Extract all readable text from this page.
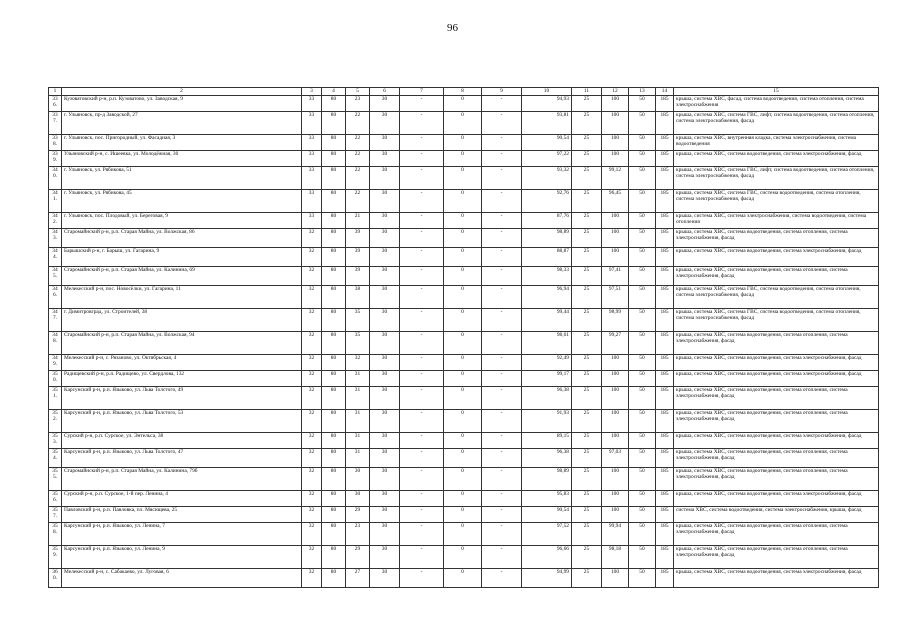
96
1	2	3	4	5	6	7	8	9	10	11	12	13	14	15
336.	Кузоватовский р-н, р.п. Кузоватово, ул. Заводская, 9	33	80	23	30	-	0	-	94,93	25	100	50	185	крыша, система ХВС, фасад, система водоотведения, система отопления, система электроснабжения
337.	г. Ульяновск, пр-д Заводской, 27	33	80	22	30	-	0	-	93,81	25	100	50	185	крыша, система ХВС, система ГВС, лифт, система водоотведения, система отопления, система электроснабжения, фасад
338.	г. Ульяновск, пос. Пригородный, ул. Фасадная, 3	33	80	22	30	-	0	-	90,54	25	100	50	185	крыша, система ХВС, внутренняя кладка, система электроснабжения, система водоотведения
339.	Ульяновский р-н, с. Ишеевка, ул. Молодёжная, 30	33	80	22	30	-	0	-	97,22	25	100	50	185	крыша, система ХВС, система водоотведения, система электроснабжения, фасад
340.	г. Ульяновск, ул. Рябикова, 51	33	80	22	30	-	0	-	93,32	25	99,12	50	185	крыша, система ХВС, система ГВС, лифт, система водоотведения, система отопления, система электроснабжения, фасад
341.	г. Ульяновск, ул. Рябикова, 45	33	80	22	30	-	0	-	92,76	25	96,45	50	185	крыша, система ХВС, система ГВС, система водоотведения, система отопления, система электроснабжения, фасад
342.	г. Ульяновск, пос. Плодовый, ул. Береговая, 9	33	80	21	30	-	0	-	87,76	25	100	50	185	крыша, система ХВС, система электроснабжения, система водоотведения, система отопления
343.	Старомайнский р-н, р.п. Старая Майна, ул. Волжская, 86	32	80	39	30	-	0	-	98,89	25	100	50	185	крыша, система ХВС, система водоотведения, система отопления, система электроснабжения, фасад
344.	Барышский р-н, г. Барыш, ул. Гагарина, 9	32	80	39	30	-	0	-	88,87	25	100	50	185	крыша, система ХВС, система водоотведения, система электроснабжения, фасад
345.	Старомайнский р-н, р.п. Старая Майна, ул. Калинина, 69	32	80	39	30	-	0	-	98,33	25	97,41	50	185	крыша, система ХВС, система водоотведения, система отопления, система электроснабжения, фасад
346.	Мелекесский р-н, пос. Новосёлки, ул. Гагарина, 11	32	80	38	30	-	0	-	96,94	25	97,51	50	185	крыша, система ХВС, система ГВС, система водоотведения, система отопления, система электроснабжения, фасад
347.	г. Димитровград, ул. Строителей, 38	32	80	35	30	-	0	-	99,44	25	98,99	50	185	крыша, система ХВС, система ГВС, система водоотведения, система отопления, система электроснабжения, фасад
348.	Старомайнский р-н, р.п. Старая Майна, ул. Волжская, 94	32	80	35	30	-	0	-	98,61	25	99,27	50	185	крыша, система ХВС, система водоотведения, система отопления, система электроснабжения, фасад
349.	Мелекесский р-н, с. Рязаново, ул. Октябрьская, 4	32	80	32	30	-	0	-	92,49	25	100	50	185	крыша, система ХВС, система водоотведения, система электроснабжения, фасад
350.	Радищевский р-н, р.п. Радищево, ул. Свердлова, 132	32	80	31	30	-	0	-	99,17	25	100	50	185	крыша, система ХВС, система водоотведения, система электроснабжения, фасад
351.	Карсунский р-н, р.п. Языково, ул. Льва Толстого, 49	32	80	31	30	-	0	-	96,38	25	100	50	185	крыша, система ХВС, система водоотведения, система отопления, система электроснабжения, фасад
352.	Карсунский р-н, р.п. Языково, ул. Льва Толстого, 53	32	80	31	30	-	0	-	91,93	25	100	50	185	крыша, система ХВС, система водоотведения, система отопления, система электроснабжения, фасад
353.	Сурский р-н, р.п. Сурское, ул. Энтельса, 38	32	80	31	30	-	0	-	89,15	25	100	50	185	крыша, система ХВС, система водоотведения, система электроснабжения, фасад
354.	Карсунский р-н, р.п. Языково, ул. Льва Толстого, 47	32	80	31	30	-	0	-	96,38	25	97,03	50	185	крыша, система ХВС, система водоотведения, система отопления, система электроснабжения, фасад
355.	Старомайнский р-н, р.п. Старая Майна, ул. Калинина, 79б	32	80	30	30	-	0	-	98,89	25	100	50	185	крыша, система ХВС, система водоотведения, система отопления, система электроснабжения, фасад
356.	Сурский р-н, р.п. Сурское, 1-й пер. Ленина, 4	32	80	30	30	-	0	-	95,83	25	100	50	185	крыша, система ХВС, система водоотведения, система электроснабжения, фасад
357.	Павловский р-н, р.п. Павловка, пл. Мясищева, 25	32	80	29	30	-	0	-	90,54	25	100	50	185	система ХВС, система водоотведения, система электроснабжения, крыша, фасад
358.	Карсунский р-н, р.п. Языково, ул. Ленина, 7	32	80	23	30	-	0	-	97,52	25	99,94	50	185	крыша, система ХВС, система водоотведения, система отопления, система электроснабжения, фасад
359.	Карсунский р-н, р.п. Языково, ул. Ленина, 9	32	80	29	30	-	0	-	96,66	25	98,18	50	185	крыша, система ХВС, система водоотведения, система отопления, система электроснабжения, фасад
360.	Мелекесский р-н, с. Сабакаево, ул. Луговая, 6	32	80	27	30	-	0	-	94,99	25	100	50	185	крыша, система ХВС, система водоотведения, система электроснабжения, фасад
